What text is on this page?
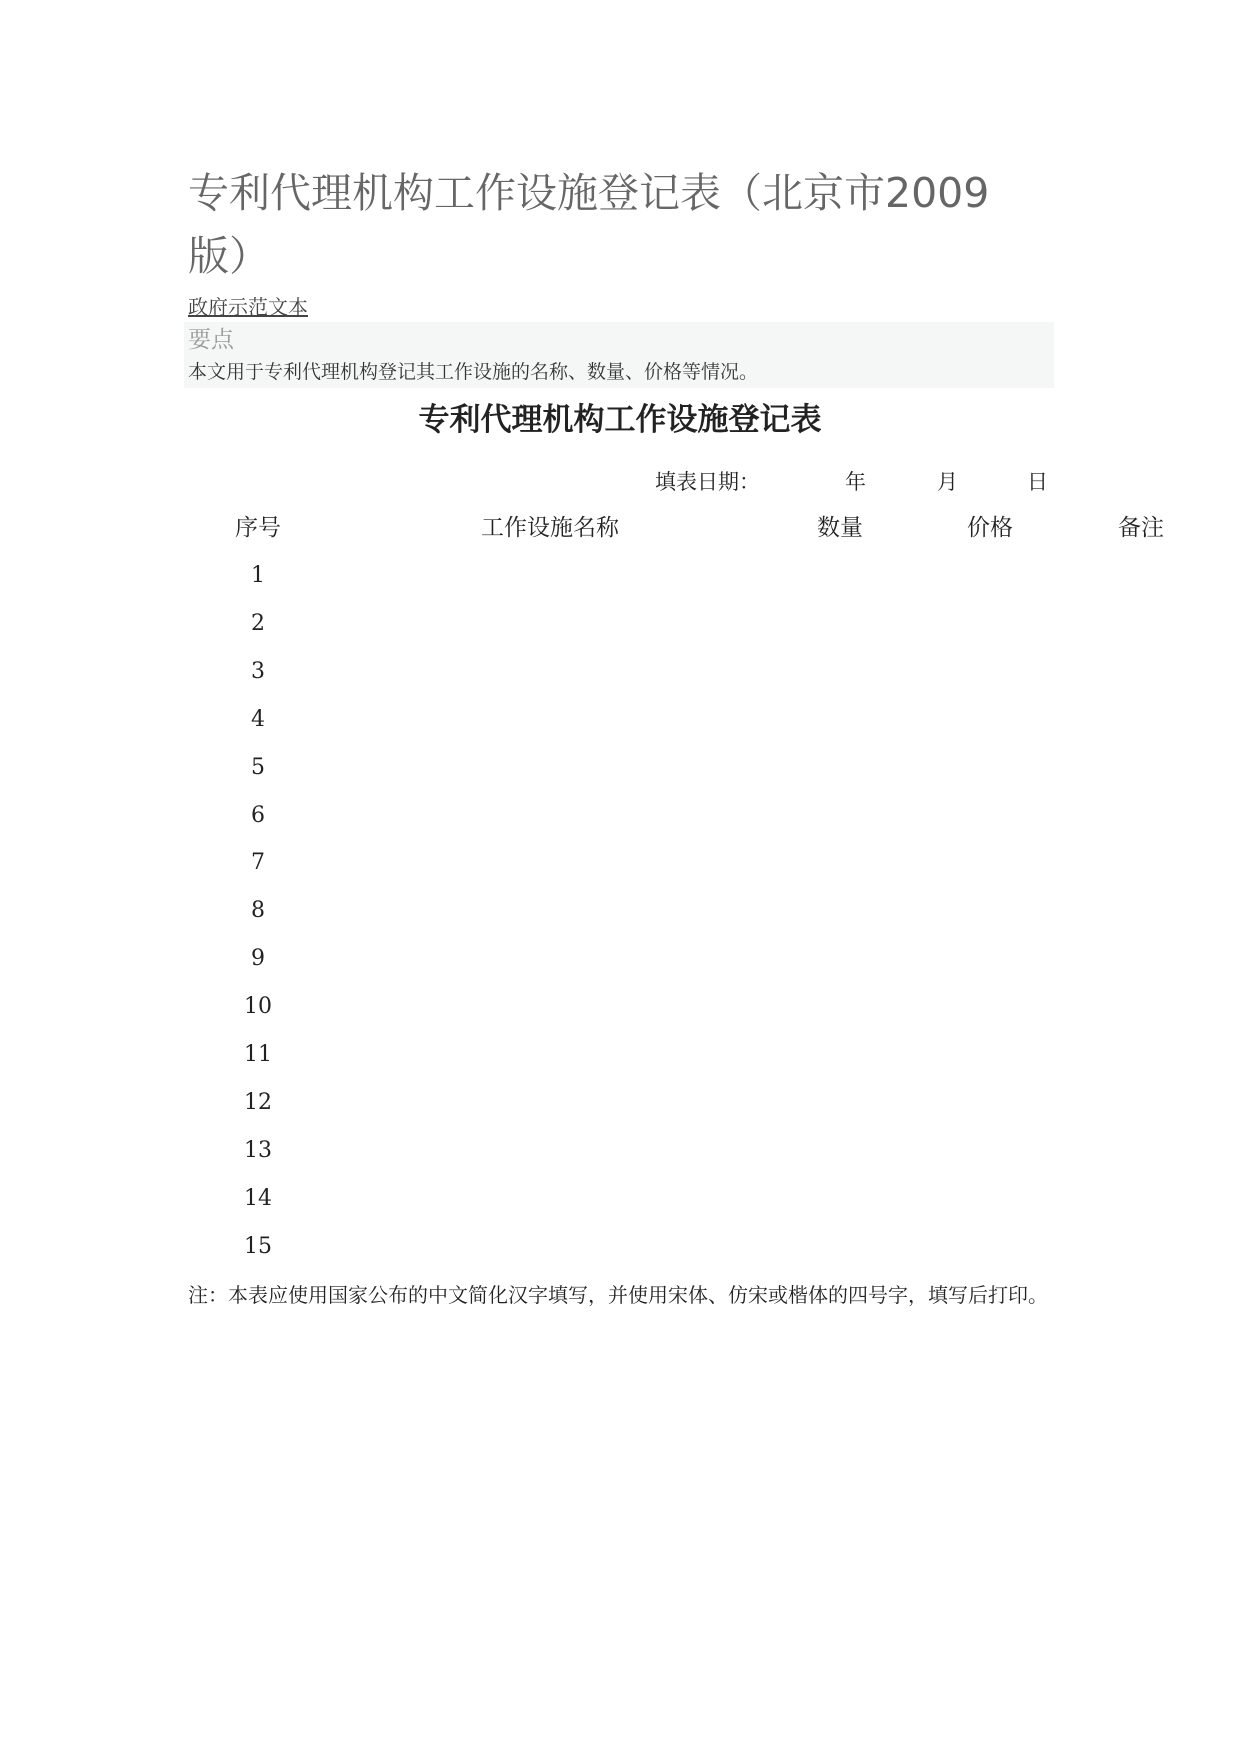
专利代理机构工作设施登记表（北京市2009版）
政府示范文本
要点
本文用于专利代理机构登记其工作设施的名称、数量、价格等情况。
专利代理机构工作设施登记表
填表日期：	年	月	日
序号	工作设施名称	数量	价格	备注
1
2
3
4
5
6
7
8
9
10
11
12
13
14
15

注：本表应使用国家公布的中文简化汉字填写，并使用宋体、仿宋或楷体的四号字，填写后打印。
